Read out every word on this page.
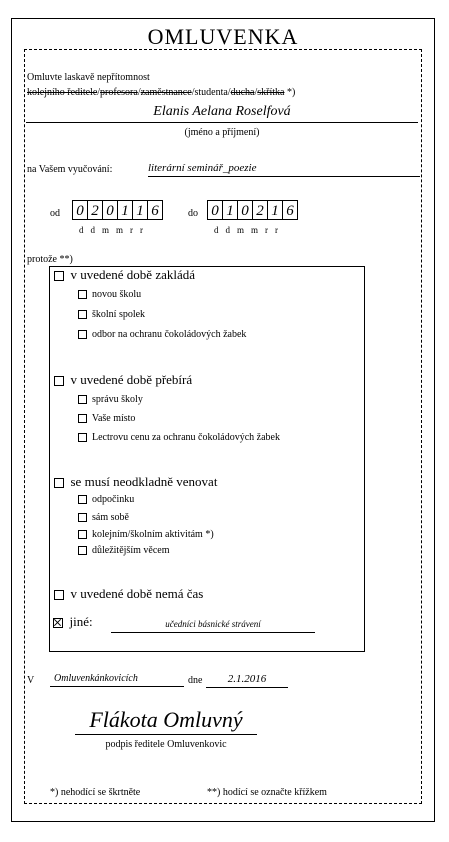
OMLUVENKA
Omluvte laskavě nepřítomnost
kolejního ředitele/profesora/zaměstnance/studenta/ducha/skřítka *)
Elanis Aelana Roselfová
(jméno a příjmení)
na Vašem vyučování:	literární seminář_poezie
od 0 2 0 1 1 6	do 0 1 0 2 1 6
ddmmrr	ddmmrr
protože **)
v uvedené době zakládá
novou školu
školní spolek
odbor na ochranu čokoládových žabek
v uvedené době přebírá
správu školy
Vaše místo
Lectrovu cenu za ochranu čokoládových žabek
se musí neodkladně venovat
odpočinku
sám sobě
kolejním/školním aktivitám *)
důležitějším věcem
v uvedené době nemá čas
jiné:	učedníci básnické strávení
V	Omluvenkánkovicích	dne	2.1.2016
Flákota Omluvný
podpis ředitele Omluvenkovic
*) nehodící se škrtněte	**) hodící se označte křížkem
